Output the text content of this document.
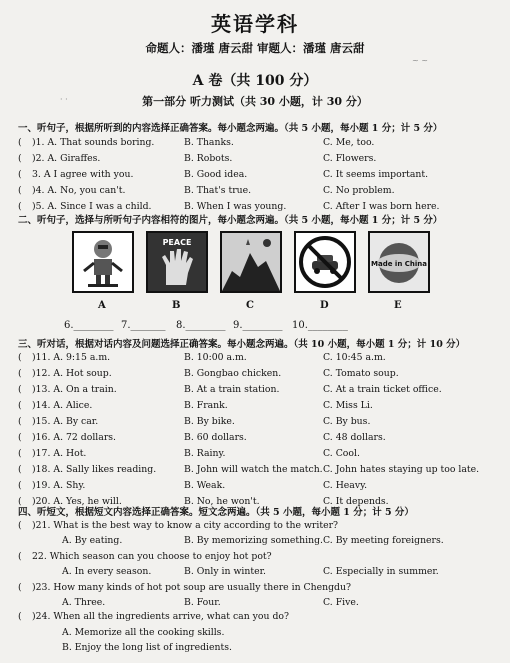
英语学科
命题人：潘瑾 唐云甜 审题人：潘瑾 唐云甜
A 卷（共 100 分）
第一部分 听力测试（共 30 小题，计 30 分）
~ ~
· ·
一、听句子，根据所听到的内容选择正确答案。每小题念两遍。（共 5 小题，每小题 1 分；计 5 分）
( )1. A. That sounds boring.	B. Thanks.	C. Me, too.
( )2. A. Giraffes.	B. Robots.	C. Flowers.
( 3. A I agree with you.	B. Good idea.	C. It seems important.
( )4. A. No, you can't.	B. That's true.	C. No problem.
( )5. A. Since I was a child.	B. When I was young.	C. After I was born here.
二、听句子，选择与所听句子内容相符的图片，每小题念两遍。（共 5 小题，每小题 1 分；计 5 分）
PEACE
Made in China
A	B	C	D	E
6.________ 7._______ 8.________ 9.________ 10.________
三、听对话，根据对话内容及问题选择正确答案。每小题念两遍。（共 10 小题，每小题 1 分；计 10 分）
( )11. A. 9:15 a.m.	B. 10:00 a.m.	C. 10:45 a.m.
( )12. A. Hot soup.	B. Gongbao chicken.	C. Tomato soup.
( )13. A. On a train.	B. At a train station.	C. At a train ticket office.
( )14. A. Alice.	B. Frank.	C. Miss Li.
( )15. A. By car.	B. By bike.	C. By bus.
( )16. A. 72 dollars.	B. 60 dollars.	C. 48 dollars.
( )17. A. Hot.	B. Rainy.	C. Cool.
( )18. A. Sally likes reading.	B. John will watch the match. C. John hates staying up too late.
( )19. A. Shy.	B. Weak.	C. Heavy.
( )20. A. Yes, he will.	B. No, he won't.	C. It depends.
四、听短文，根据短文内容选择正确答案。短文念两遍。（共 5 小题，每小题 1 分；计 5 分）
( )21. What is the best way to know a city according to the writer?
A. By eating.	B. By memorizing something. C. By meeting foreigners.
( 22. Which season can you choose to enjoy hot pot?
A. In every season.	B. Only in winter.	C. Especially in summer.
( )23. How many kinds of hot pot soup are usually there in Chengdu?
A. Three.	B. Four.	C. Five.
( )24. When all the ingredients arrive, what can you do?
A. Memorize all the cooking skills.
B. Enjoy the long list of ingredients.
